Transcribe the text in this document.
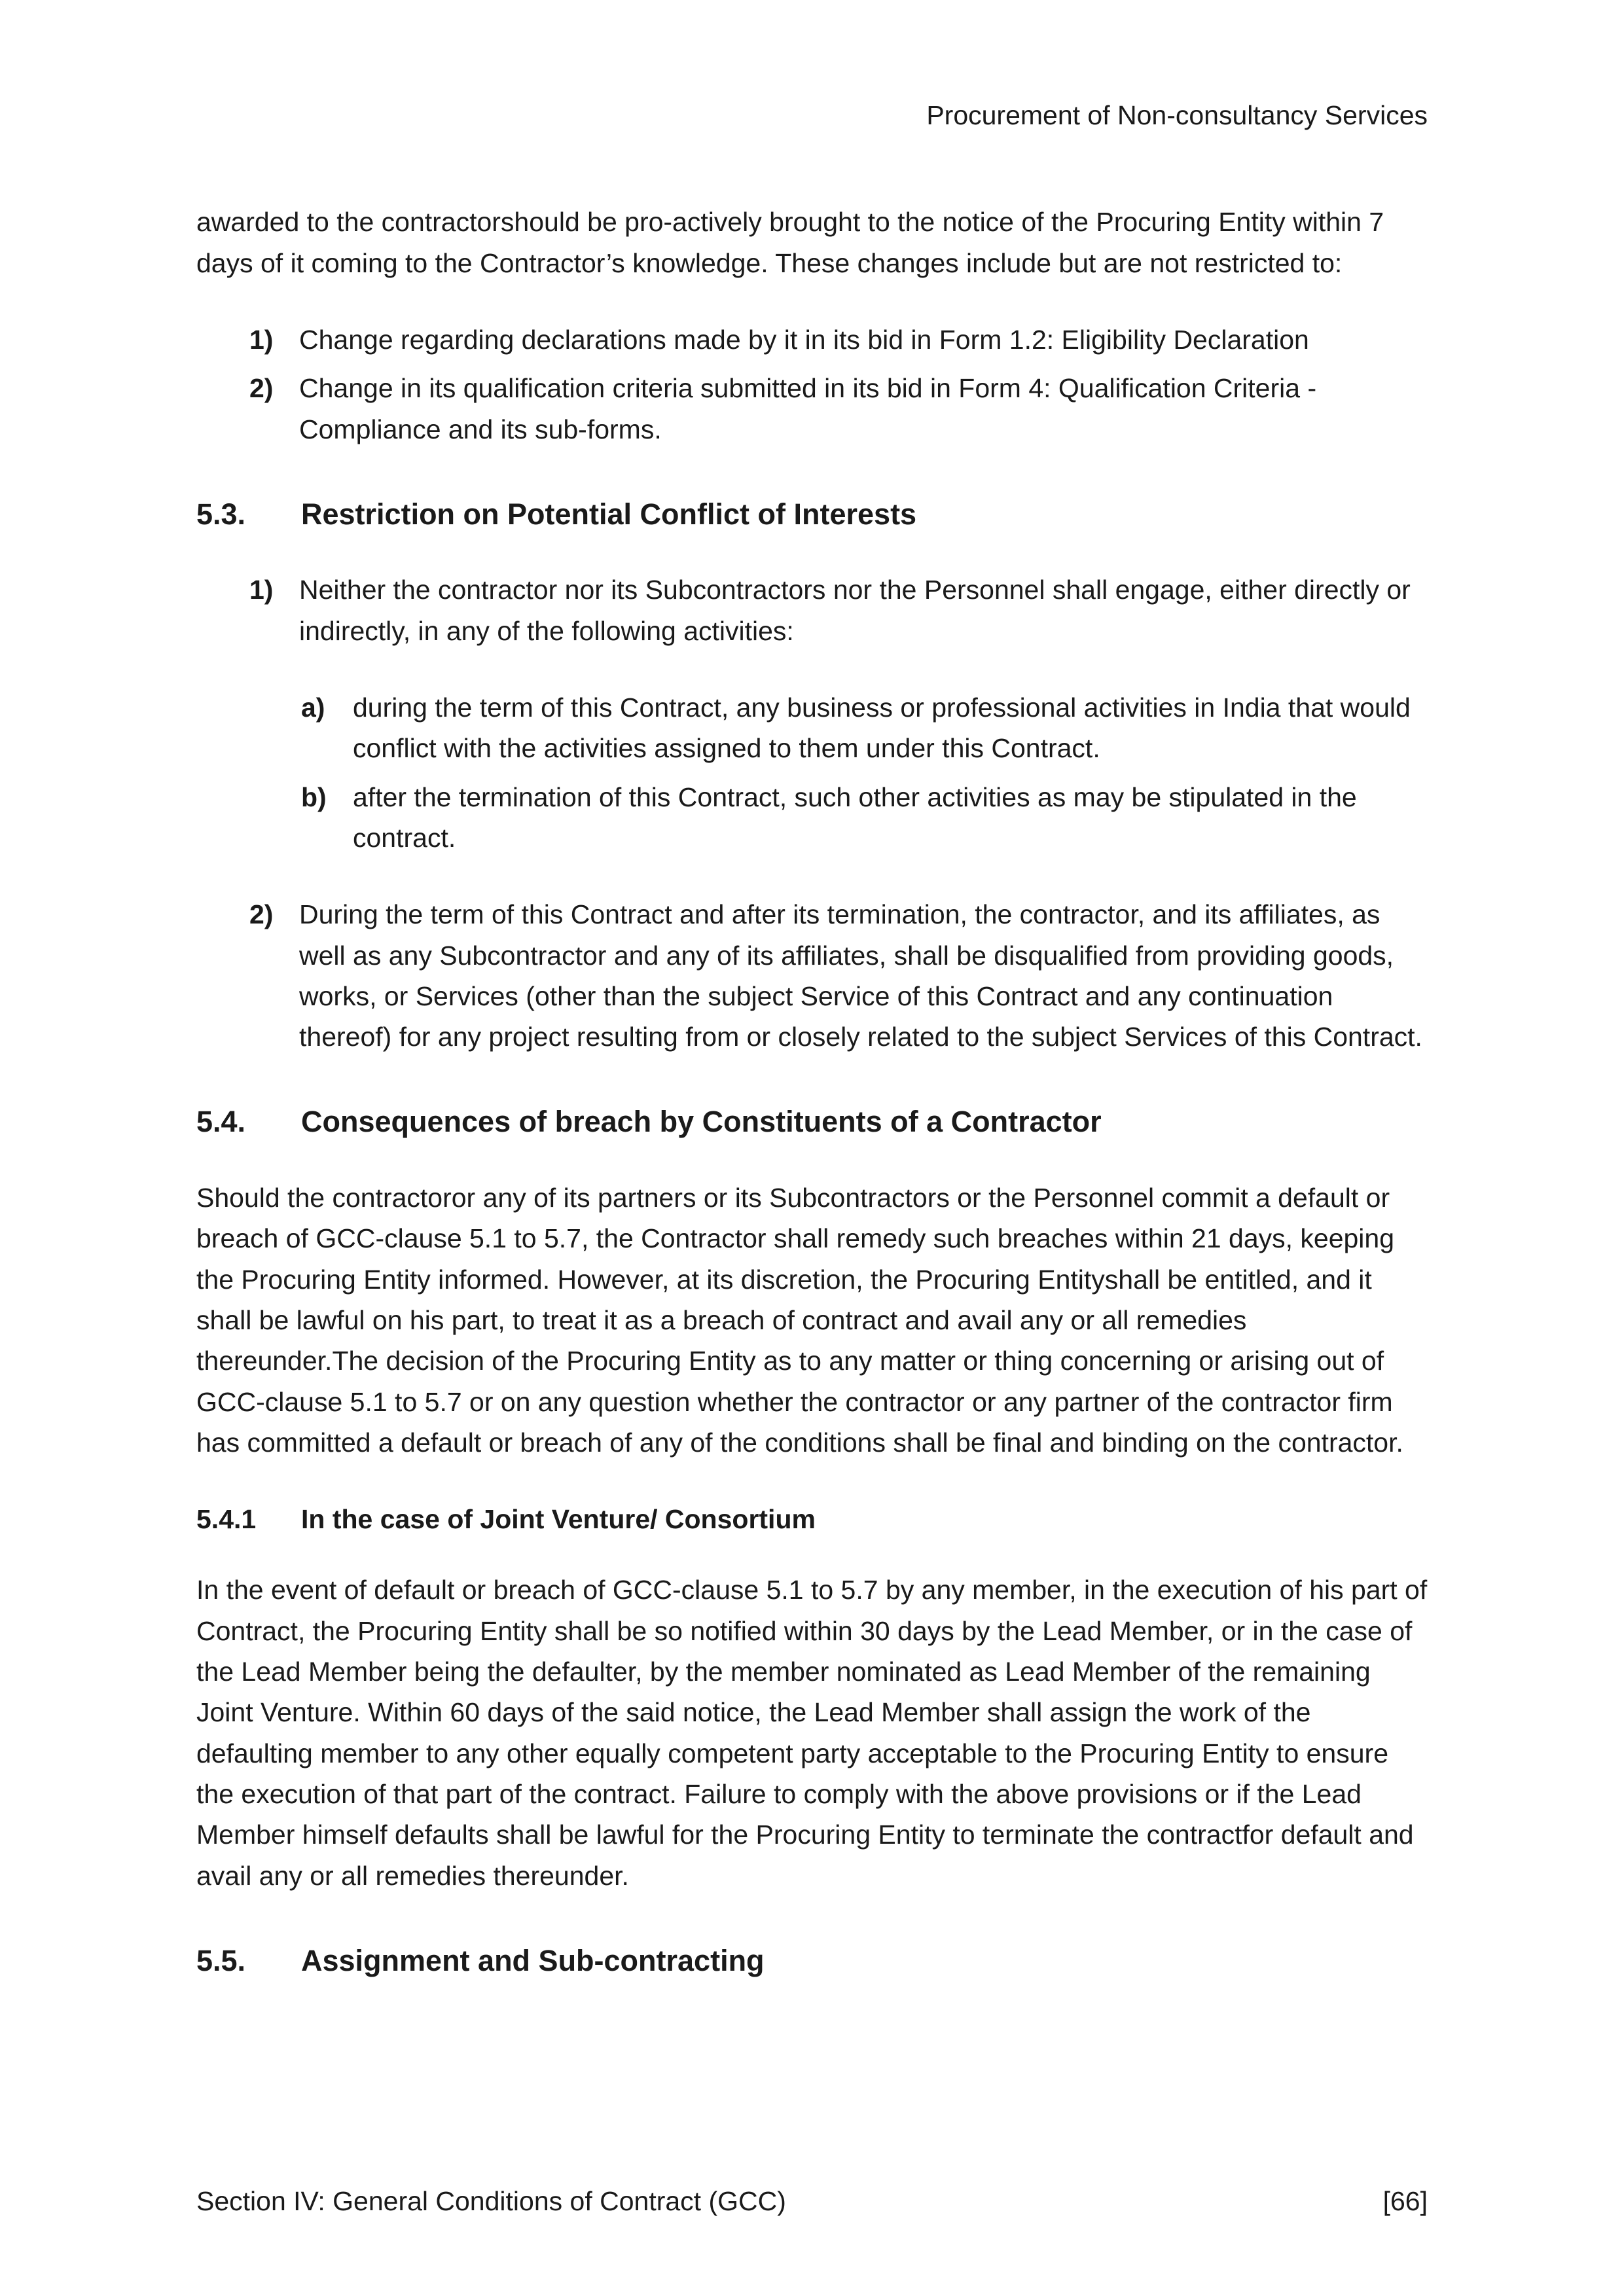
Procurement of Non-consultancy Services

awarded to the contractorshould be pro-actively brought to the notice of the Procuring Entity within 7 days of it coming to the Contractor’s knowledge. These changes include but are not restricted to:

1) Change regarding declarations made by it in its bid in Form 1.2: Eligibility Declaration
2) Change in its qualification criteria submitted in its bid in Form 4: Qualification Criteria - Compliance and its sub-forms.
5.3.	Restriction on Potential Conflict of Interests
1) Neither the contractor nor its Subcontractors nor the Personnel shall engage, either directly or indirectly, in any of the following activities:
a)	during the term of this Contract, any business or professional activities in India that would conflict with the activities assigned to them under this Contract.
b) after the termination of this Contract, such other activities as may be stipulated in the contract.
2) During the term of this Contract and after its termination, the contractor, and its affiliates, as well as any Subcontractor and any of its affiliates, shall be disqualified from providing goods, works, or Services (other than the subject Service of this Contract and any continuation thereof) for any project resulting from or closely related to the subject Services of this Contract.
5.4.	Consequences of breach by Constituents of a Contractor

Should the contractoror any of its partners or its Subcontractors or the Personnel commit a default or breach of GCC-clause 5.1 to 5.7, the Contractor shall remedy such breaches within 21 days, keeping the Procuring Entity informed. However, at its discretion, the Procuring Entityshall be entitled, and it shall be lawful on his part, to treat it as a breach of contract and avail any or all remedies thereunder.The decision of the Procuring Entity as to any matter or thing concerning or arising out of GCC-clause 5.1 to 5.7 or on any question whether the contractor or any partner of the contractor firm has committed a default or breach of any of the conditions shall be final and binding on the contractor.

5.4.1	In the case of Joint Venture/ Consortium

In the event of default or breach of GCC-clause 5.1 to 5.7 by any member, in the execution of his part of Contract, the Procuring Entity shall be so notified within 30 days by the Lead Member, or in the case of the Lead Member being the defaulter, by the member nominated as Lead Member of the remaining Joint Venture. Within 60 days of the said notice, the Lead Member shall assign the work of the defaulting member to any other equally competent party acceptable to the Procuring Entity to ensure the execution of that part of the contract. Failure to comply with the above provisions or if the Lead Member himself defaults shall be lawful for the Procuring Entity to terminate the contractfor default and avail any or all remedies thereunder.

5.5.	Assignment and Sub-contracting
Section IV: General Conditions of Contract (GCC)	[66]
